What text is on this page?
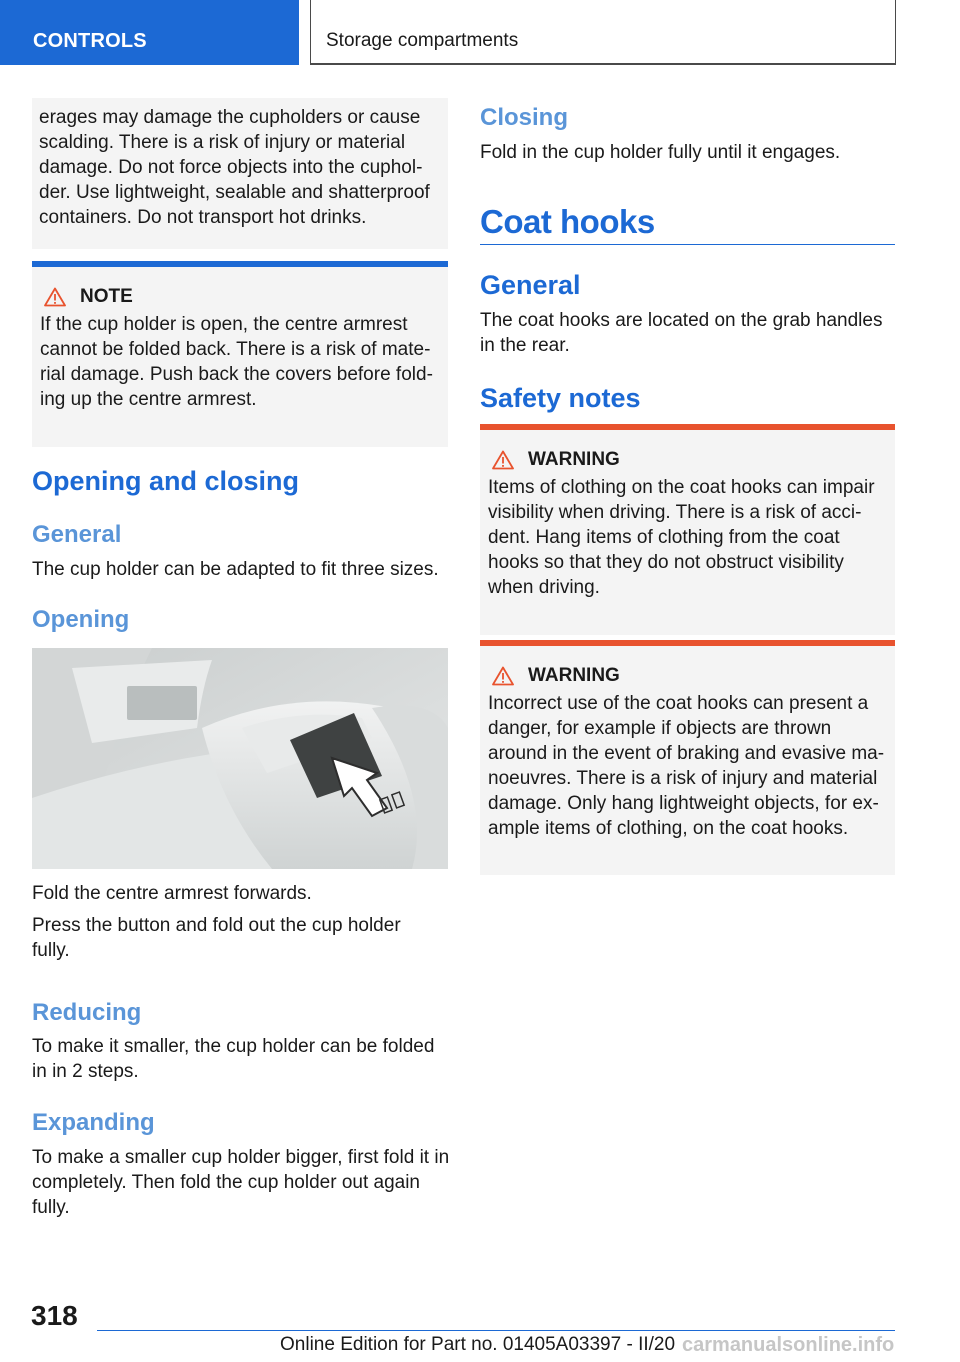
CONTROLS	Storage compartments

erages may damage the cupholders or cause scalding. There is a risk of injury or material damage. Do not force objects into the cupholder. Use lightweight, sealable and shatterproof containers. Do not transport hot drinks.

NOTE

If the cup holder is open, the centre armrest cannot be folded back. There is a risk of material damage. Push back the covers before folding up the centre armrest.

Opening and closing
General

The cup holder can be adapted to fit three sizes.

Opening

Fold the centre armrest forwards.

Press the button and fold out the cup holder fully.

Reducing

To make it smaller, the cup holder can be folded in in 2 steps.

Expanding

To make a smaller cup holder bigger, first fold it in completely. Then fold the cup holder out again fully.

Closing

Fold in the cup holder fully until it engages.

Coat hooks
General

The coat hooks are located on the grab handles in the rear.

Safety notes
WARNING

Items of clothing on the coat hooks can impair visibility when driving. There is a risk of accident. Hang items of clothing from the coat hooks so that they do not obstruct visibility when driving.

WARNING

Incorrect use of the coat hooks can present a danger, for example if objects are thrown around in the event of braking and evasive manoeuvres. There is a risk of injury and material damage. Only hang lightweight objects, for example items of clothing, on the coat hooks.

318
Online Edition for Part no. 01405A03397 - II/20 carmanualsonline.info
